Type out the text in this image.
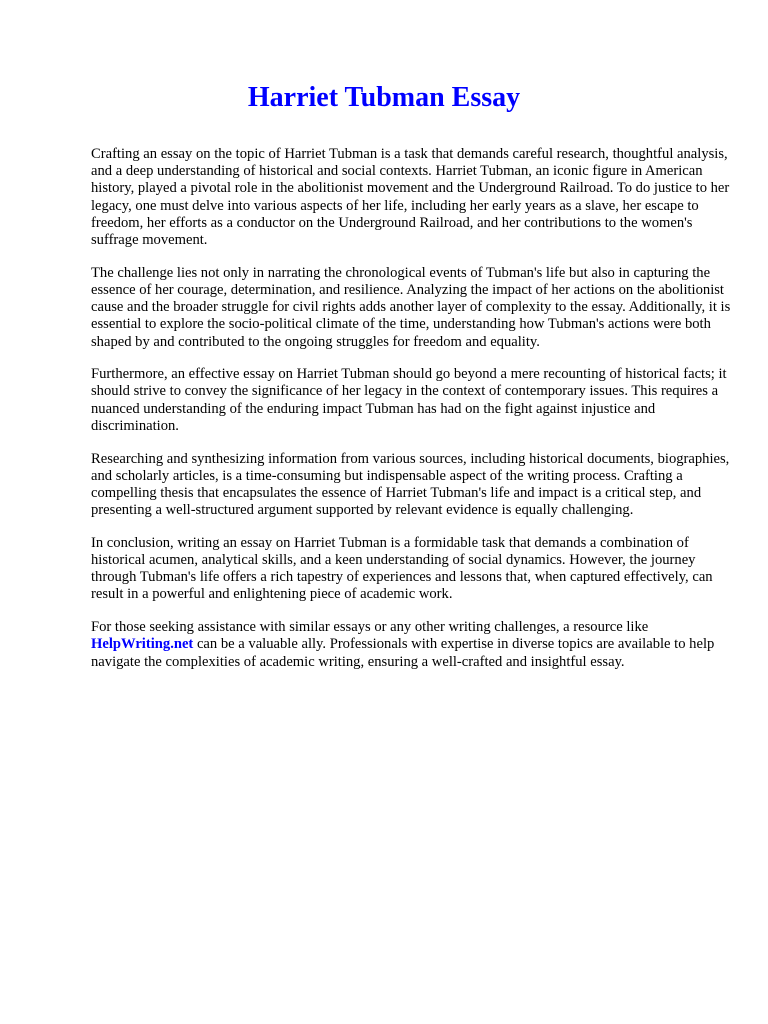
Harriet Tubman Essay

Crafting an essay on the topic of Harriet Tubman is a task that demands careful research, thoughtful analysis, and a deep understanding of historical and social contexts. Harriet Tubman, an iconic figure in American history, played a pivotal role in the abolitionist movement and the Underground Railroad. To do justice to her legacy, one must delve into various aspects of her life, including her early years as a slave, her escape to freedom, her efforts as a conductor on the Underground Railroad, and her contributions to the women's suffrage movement.

The challenge lies not only in narrating the chronological events of Tubman's life but also in capturing the essence of her courage, determination, and resilience. Analyzing the impact of her actions on the abolitionist cause and the broader struggle for civil rights adds another layer of complexity to the essay. Additionally, it is essential to explore the socio-political climate of the time, understanding how Tubman's actions were both shaped by and contributed to the ongoing struggles for freedom and equality.

Furthermore, an effective essay on Harriet Tubman should go beyond a mere recounting of historical facts; it should strive to convey the significance of her legacy in the context of contemporary issues. This requires a nuanced understanding of the enduring impact Tubman has had on the fight against injustice and discrimination.

Researching and synthesizing information from various sources, including historical documents, biographies, and scholarly articles, is a time-consuming but indispensable aspect of the writing process. Crafting a compelling thesis that encapsulates the essence of Harriet Tubman's life and impact is a critical step, and presenting a well-structured argument supported by relevant evidence is equally challenging.

In conclusion, writing an essay on Harriet Tubman is a formidable task that demands a combination of historical acumen, analytical skills, and a keen understanding of social dynamics. However, the journey through Tubman's life offers a rich tapestry of experiences and lessons that, when captured effectively, can result in a powerful and enlightening piece of academic work.

For those seeking assistance with similar essays or any other writing challenges, a resource like HelpWriting.net can be a valuable ally. Professionals with expertise in diverse topics are available to help navigate the complexities of academic writing, ensuring a well-crafted and insightful essay.
